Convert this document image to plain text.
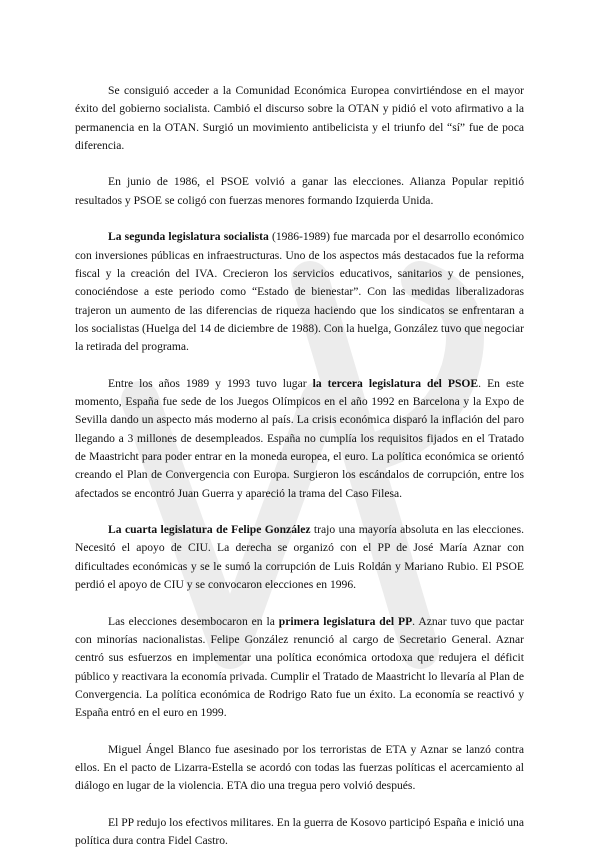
Se consiguió acceder a la Comunidad Económica Europea convirtiéndose en el mayor éxito del gobierno socialista. Cambió el discurso sobre la OTAN y pidió el voto afirmativo a la permanencia en la OTAN. Surgió un movimiento antibelicista y el triunfo del “sí” fue de poca diferencia.

En junio de 1986, el PSOE volvió a ganar las elecciones. Alianza Popular repitió resultados y PSOE se coligó con fuerzas menores formando Izquierda Unida.

La segunda legislatura socialista (1986-1989) fue marcada por el desarrollo económico con inversiones públicas en infraestructuras. Uno de los aspectos más destacados fue la reforma fiscal y la creación del IVA. Crecieron los servicios educativos, sanitarios y de pensiones, conociéndose a este periodo como “Estado de bienestar”. Con las medidas liberalizadoras trajeron un aumento de las diferencias de riqueza haciendo que los sindicatos se enfrentaran a los socialistas (Huelga del 14 de diciembre de 1988). Con la huelga, González tuvo que negociar la retirada del programa.

Entre los años 1989 y 1993 tuvo lugar la tercera legislatura del PSOE. En este momento, España fue sede de los Juegos Olímpicos en el año 1992 en Barcelona y la Expo de Sevilla dando un aspecto más moderno al país. La crisis económica disparó la inflación del paro llegando a 3 millones de desempleados. España no cumplía los requisitos fijados en el Tratado de Maastricht para poder entrar en la moneda europea, el euro. La política económica se orientó creando el Plan de Convergencia con Europa. Surgieron los escándalos de corrupción, entre los afectados se encontró Juan Guerra y apareció la trama del Caso Filesa.

La cuarta legislatura de Felipe González trajo una mayoría absoluta en las elecciones. Necesitó el apoyo de CIU. La derecha se organizó con el PP de José María Aznar con dificultades económicas y se le sumó la corrupción de Luis Roldán y Mariano Rubio. El PSOE perdió el apoyo de CIU y se convocaron elecciones en 1996.

Las elecciones desembocaron en la primera legislatura del PP. Aznar tuvo que pactar con minorías nacionalistas. Felipe González renunció al cargo de Secretario General. Aznar centró sus esfuerzos en implementar una política económica ortodoxa que redujera el déficit público y reactivara la economía privada. Cumplir el Tratado de Maastricht lo llevaría al Plan de Convergencia. La política económica de Rodrigo Rato fue un éxito. La economía se reactivó y España entró en el euro en 1999.

Miguel Ángel Blanco fue asesinado por los terroristas de ETA y Aznar se lanzó contra ellos. En el pacto de Lizarra-Estella se acordó con todas las fuerzas políticas el acercamiento al diálogo en lugar de la violencia. ETA dio una tregua pero volvió después.

El PP redujo los efectivos militares. En la guerra de Kosovo participó España e inició una política dura contra Fidel Castro.
